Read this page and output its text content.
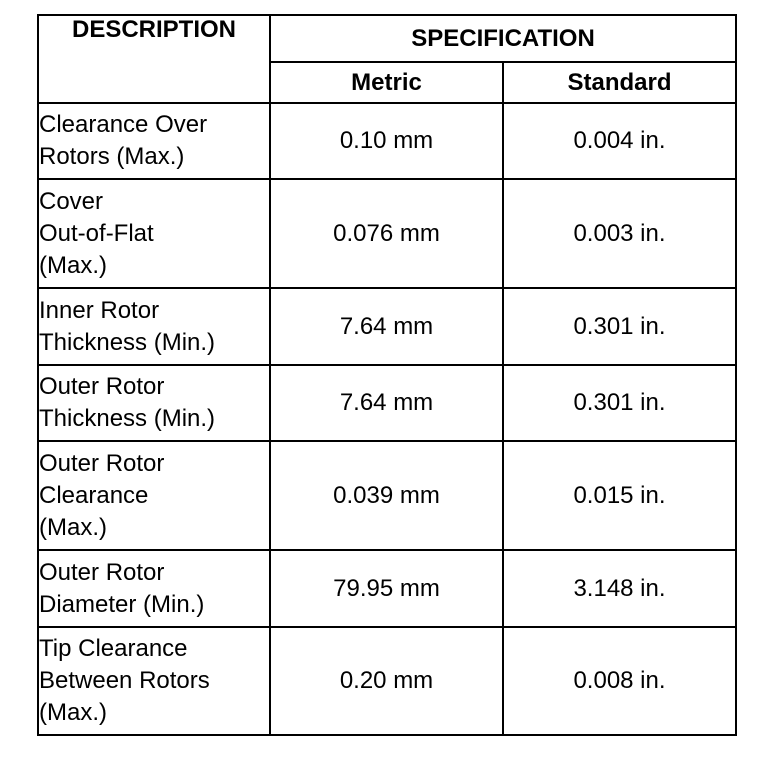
DESCRIPTION	SPECIFICATION	
	Metric	Standard
Clearance Over
Rotors (Max.)	0.10 mm	0.004 in.
Cover
Out-of-Flat
(Max.)	0.076 mm	0.003 in.
Inner Rotor
Thickness (Min.)	7.64 mm	0.301 in.
Outer Rotor
Thickness (Min.)	7.64 mm	0.301 in.
Outer Rotor
Clearance
(Max.)	0.039 mm	0.015 in.
Outer Rotor
Diameter (Min.)	79.95 mm	3.148 in.
Tip Clearance
Between Rotors
(Max.)	0.20 mm	0.008 in.
